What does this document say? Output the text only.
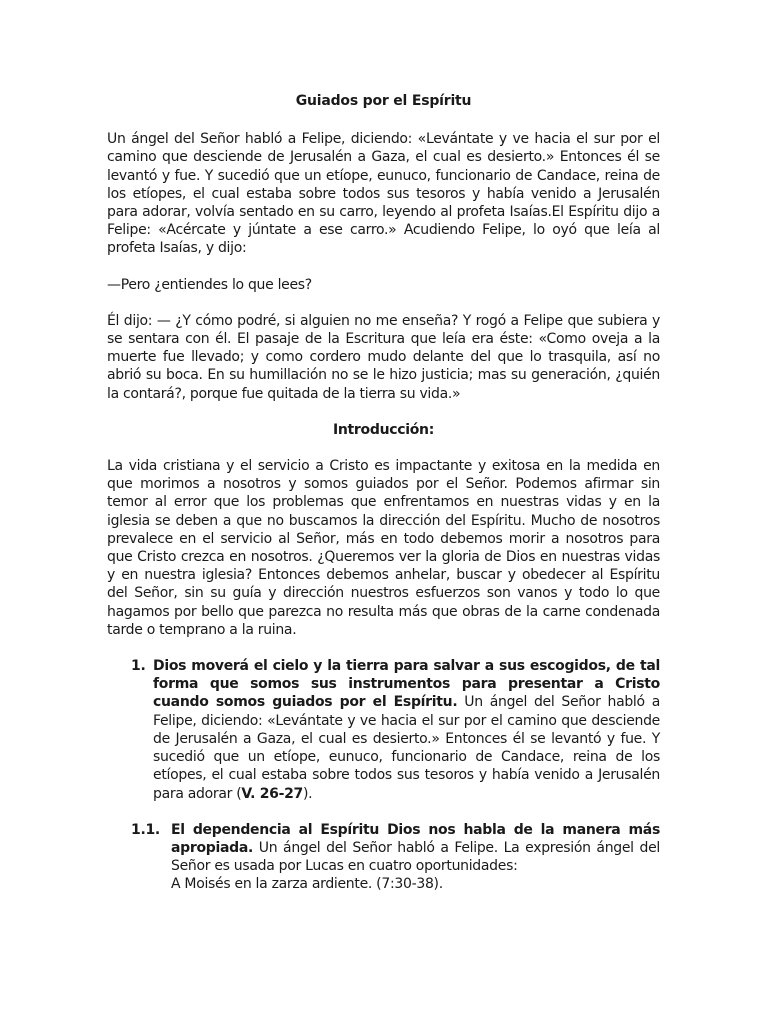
Guiados por el Espíritu

Un ángel del Señor habló a Felipe, diciendo: «Levántate y ve hacia el sur por el camino que desciende de Jerusalén a Gaza, el cual es desierto.» Entonces él se levantó y fue. Y sucedió que un etíope, eunuco, funcionario de Candace, reina de los etíopes, el cual estaba sobre todos sus tesoros y había venido a Jerusalén para adorar, volvía sentado en su carro, leyendo al profeta Isaías.El Espíritu dijo a Felipe: «Acércate y júntate a ese carro.» Acudiendo Felipe, lo oyó que leía al profeta Isaías, y dijo:

—Pero ¿entiendes lo que lees?

Él dijo: — ¿Y cómo podré, si alguien no me enseña? Y rogó a Felipe que subiera y se sentara con él. El pasaje de la Escritura que leía era éste: «Como oveja a la muerte fue llevado; y como cordero mudo delante del que lo trasquila, así no abrió su boca. En su humillación no se le hizo justicia; mas su generación, ¿quién la contará?, porque fue quitada de la tierra su vida.»

Introducción:

La vida cristiana y el servicio a Cristo es impactante y exitosa en la medida en que morimos a nosotros y somos guiados por el Señor. Podemos afirmar sin temor al error que los problemas que enfrentamos en nuestras vidas y en la iglesia se deben a que no buscamos la dirección del Espíritu. Mucho de nosotros prevalece en el servicio al Señor, más en todo debemos morir a nosotros para que Cristo crezca en nosotros. ¿Queremos ver la gloria de Dios en nuestras vidas y en nuestra iglesia? Entonces debemos anhelar, buscar y obedecer al Espíritu del Señor, sin su guía y dirección nuestros esfuerzos son vanos y todo lo que hagamos por bello que parezca no resulta más que obras de la carne condenada tarde o temprano a la ruina.

1. Dios moverá el cielo y la tierra para salvar a sus escogidos, de tal forma que somos sus instrumentos para presentar a Cristo cuando somos guiados por el Espíritu. Un ángel del Señor habló a Felipe, diciendo: «Levántate y ve hacia el sur por el camino que desciende de Jerusalén a Gaza, el cual es desierto.» Entonces él se levantó y fue. Y sucedió que un etíope, eunuco, funcionario de Candace, reina de los etíopes, el cual estaba sobre todos sus tesoros y había venido a Jerusalén para adorar (V. 26-27).
1.1. El dependencia al Espíritu Dios nos habla de la manera más apropiada. Un ángel del Señor habló a Felipe. La expresión ángel del Señor es usada por Lucas en cuatro oportunidades:
A Moisés en la zarza ardiente. (7:30-38).
